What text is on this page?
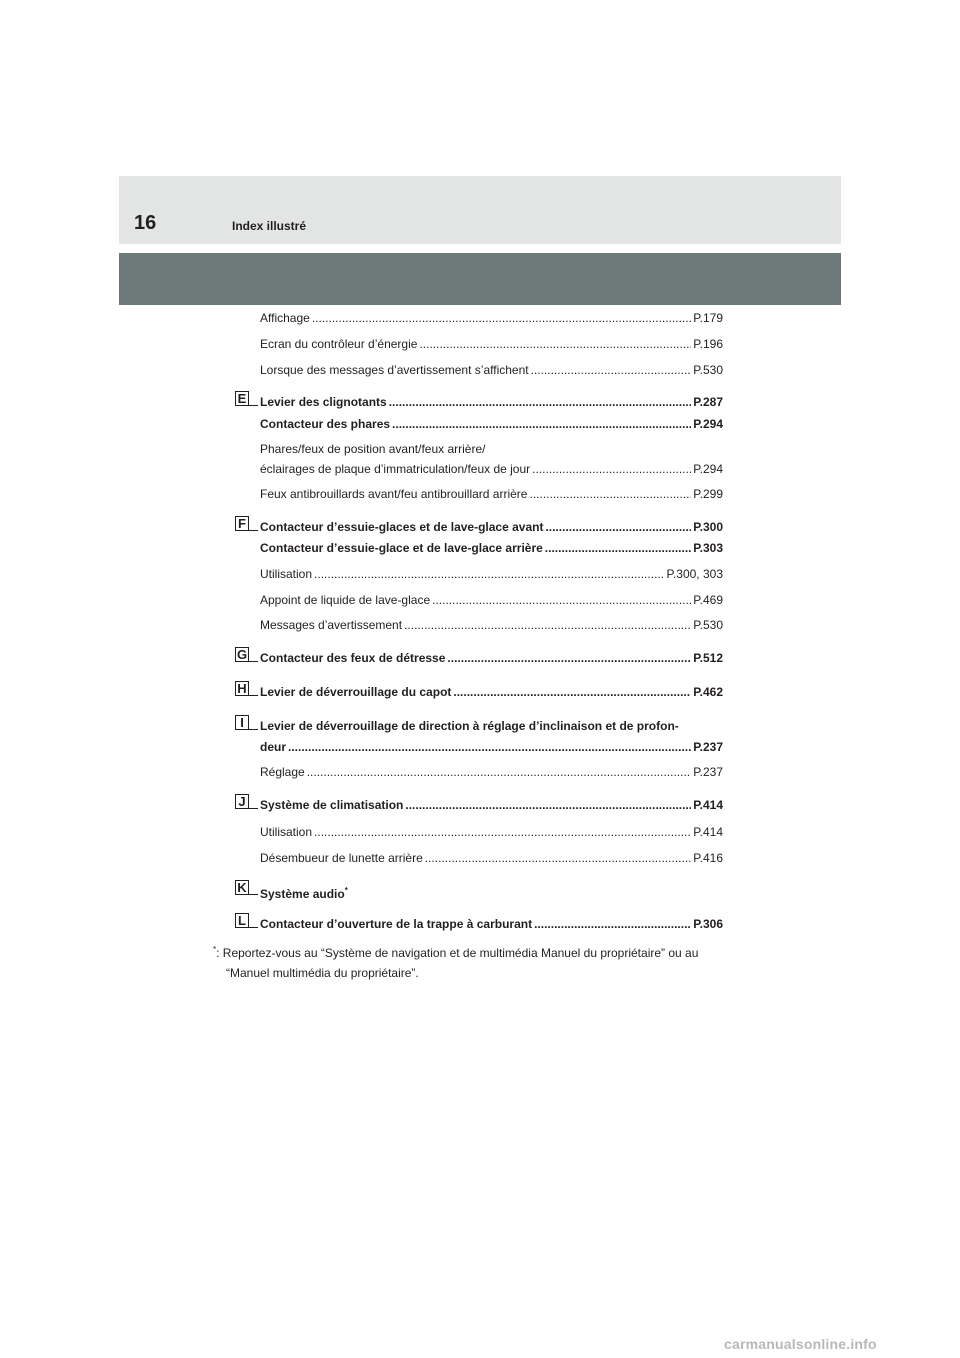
16	Index illustré
Affichage .....	P.179
Ecran du contrôleur d’énergie .....	P.196
Lorsque des messages d’avertissement s’affichent .....	P.530
E Levier des clignotants .....	P.287
Contacteur des phares .....	P.294
Phares/feux de position avant/feux arrière/
éclairages de plaque d’immatriculation/feux de jour .....	P.294
Feux antibrouillards avant/feu antibrouillard arrière .....	P.299
F Contacteur d’essuie-glaces et de lave-glace avant .....	P.300
Contacteur d’essuie-glace et de lave-glace arrière .....	P.303
Utilisation .....	P.300, 303
Appoint de liquide de lave-glace .....	P.469
Messages d’avertissement .....	P.530
G Contacteur des feux de détresse .....	P.512
H Levier de déverrouillage du capot .....	P.462
I	Levier de déverrouillage de direction à réglage d’inclinaison et de profon-
deur .....	P.237
Réglage .....	P.237
J Système de climatisation .....	P.414
Utilisation .....	P.414
Désembueur de lunette arrière .....	P.416
K Système audio*
L Contacteur d’ouverture de la trappe à carburant .....	P.306
*: Reportez-vous au “Système de navigation et de multimédia Manuel du propriétaire” ou au
“Manuel multimédia du propriétaire”.
carmanualsonline.info
